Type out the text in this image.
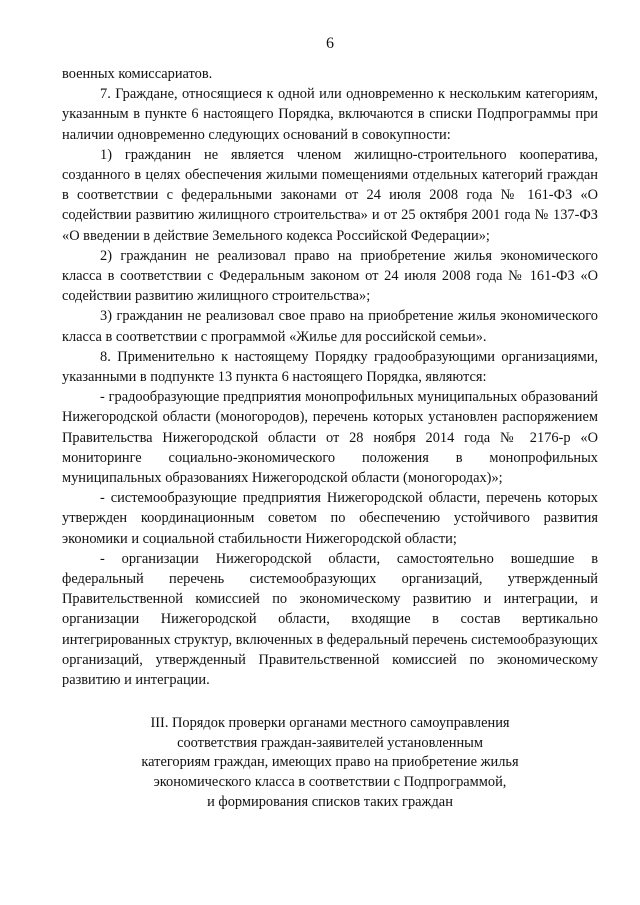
6

военных комиссариатов.

7. Граждане, относящиеся к одной или одновременно к нескольким категориям, указанным в пункте 6 настоящего Порядка, включаются в списки Подпрограммы при наличии одновременно следующих оснований в совокупности:

1) гражданин не является членом жилищно-строительного кооператива, созданного в целях обеспечения жилыми помещениями отдельных категорий граждан в соответствии с федеральными законами от 24 июля 2008 года № 161-ФЗ «О содействии развитию жилищного строительства» и от 25 октября 2001 года № 137-ФЗ «О введении в действие Земельного кодекса Российской Федерации»;

2) гражданин не реализовал право на приобретение жилья экономического класса в соответствии с Федеральным законом от 24 июля 2008 года № 161-ФЗ «О содействии развитию жилищного строительства»;

3) гражданин не реализовал свое право на приобретение жилья экономического класса в соответствии с программой «Жилье для российской семьи».

8. Применительно к настоящему Порядку градообразующими организациями, указанными в подпункте 13 пункта 6 настоящего Порядка, являются:

- градообразующие предприятия монопрофильных муниципальных образований Нижегородской области (моногородов), перечень которых установлен распоряжением Правительства Нижегородской области от 28 ноября 2014 года № 2176-р «О мониторинге социально-экономического положения в монопрофильных муниципальных образованиях Нижегородской области (моногородах)»;

- системообразующие предприятия Нижегородской области, перечень которых утвержден координационным советом по обеспечению устойчивого развития экономики и социальной стабильности Нижегородской области;

- организации Нижегородской области, самостоятельно вошедшие в федеральный перечень системообразующих организаций, утвержденный Правительственной комиссией по экономическому развитию и интеграции, и организации Нижегородской области, входящие в состав вертикально интегрированных структур, включенных в федеральный перечень системообразующих организаций, утвержденный Правительственной комиссией по экономическому развитию и интеграции.

III. Порядок проверки органами местного самоуправления
соответствия граждан-заявителей установленным
категориям граждан, имеющих право на приобретение жилья
экономического класса в соответствии с Подпрограммой,
и формирования списков таких граждан
